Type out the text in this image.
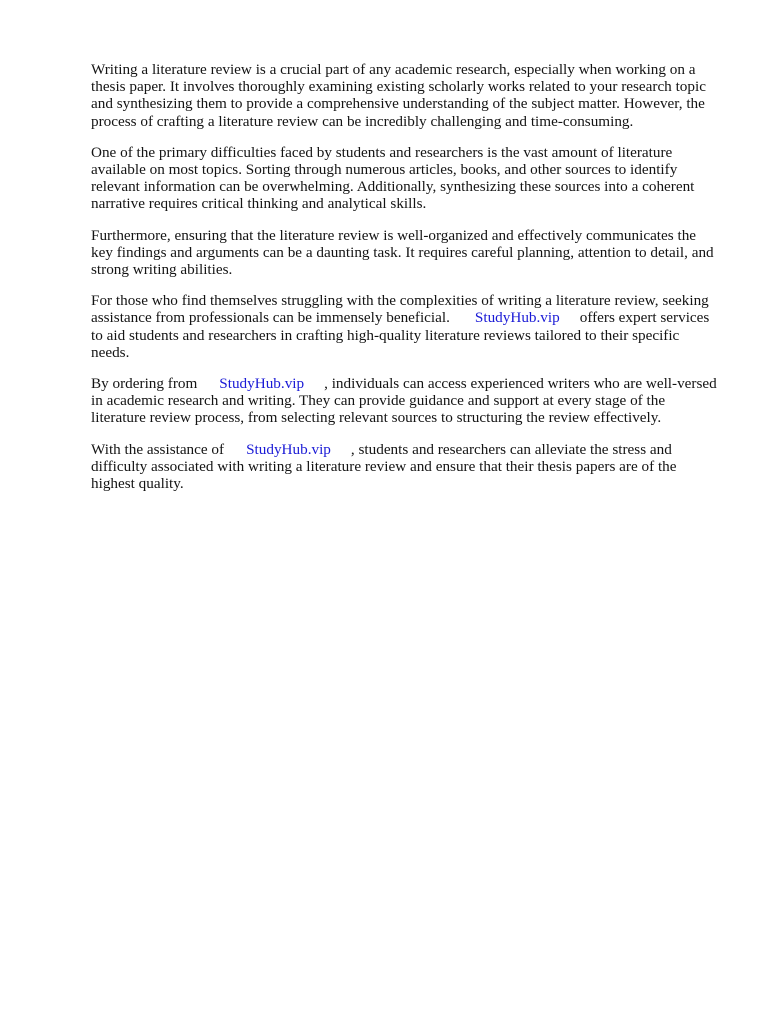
Writing a literature review is a crucial part of any academic research, especially when working on a thesis paper. It involves thoroughly examining existing scholarly works related to your research topic and synthesizing them to provide a comprehensive understanding of the subject matter. However, the process of crafting a literature review can be incredibly challenging and time-consuming.

One of the primary difficulties faced by students and researchers is the vast amount of literature available on most topics. Sorting through numerous articles, books, and other sources to identify relevant information can be overwhelming. Additionally, synthesizing these sources into a coherent narrative requires critical thinking and analytical skills.

Furthermore, ensuring that the literature review is well-organized and effectively communicates the key findings and arguments can be a daunting task. It requires careful planning, attention to detail, and strong writing abilities.

For those who find themselves struggling with the complexities of writing a literature review, seeking assistance from professionals can be immensely beneficial. StudyHub.vip offers expert services to aid students and researchers in crafting high-quality literature reviews tailored to their specific needs.

By ordering from StudyHub.vip , individuals can access experienced writers who are well-versed in academic research and writing. They can provide guidance and support at every stage of the literature review process, from selecting relevant sources to structuring the review effectively.

With the assistance of StudyHub.vip , students and researchers can alleviate the stress and difficulty associated with writing a literature review and ensure that their thesis papers are of the highest quality.
